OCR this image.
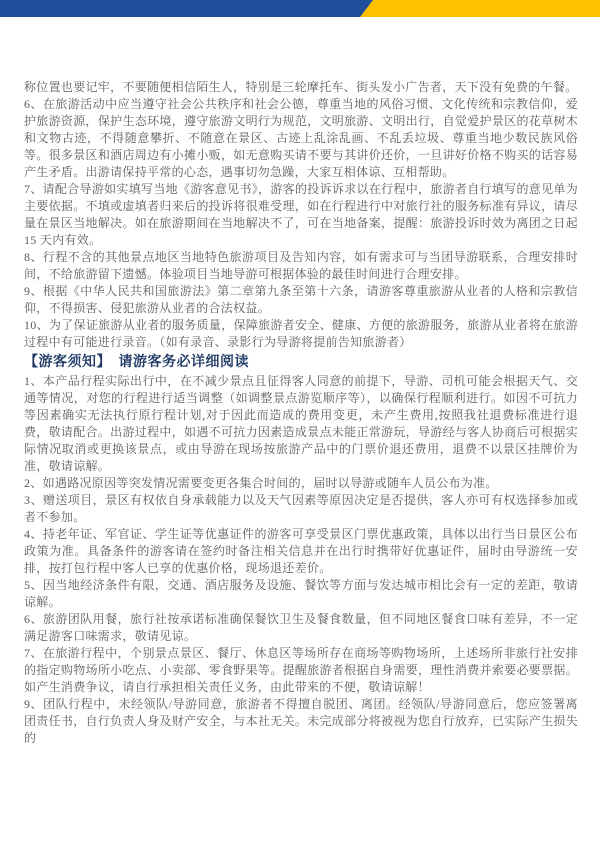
称位置也要记牢，不要随便相信陌生人，特别是三轮摩托车、街头发小广告者，天下没有免费的午餐。

6、在旅游活动中应当遵守社会公共秩序和社会公德，尊重当地的风俗习惯、文化传统和宗教信仰，爱护旅游资源，保护生态环境，遵守旅游文明行为规范，文明旅游、文明出行，自觉爱护景区的花草树木和文物古迹，不得随意攀折、不随意在景区、古迹上乱涂乱画、不乱丢垃圾、尊重当地少数民族风俗等。很多景区和酒店周边有小摊小贩，如无意购买请不要与其讲价还价，一旦讲好价格不购买的话容易产生矛盾。出游请保持平常的心态，遇事切勿急躁，大家互相体谅、互相帮助。

7、请配合导游如实填写当地《游客意见书》，游客的投诉诉求以在行程中，旅游者自行填写的意见单为主要依据。不填或虚填者归来后的投诉将很难受理，如在行程进行中对旅行社的服务标准有异议，请尽量在景区当地解决。如在旅游期间在当地解决不了，可在当地备案，提醒：旅游投诉时效为离团之日起 15 天内有效。

8、行程不含的其他景点地区当地特色旅游项目及告知内容，如有需求可与当团导游联系，合理安排时间，不给旅游留下遗憾。体验项目当地导游可根据体验的最佳时间进行合理安排。

9、根据《中华人民共和国旅游法》第二章第九条至第十六条，请游客尊重旅游从业者的人格和宗教信仰，不得损害、侵犯旅游从业者的合法权益。

10、为了保证旅游从业者的服务质量，保障旅游者安全、健康、方便的旅游服务，旅游从业者将在旅游过程中有可能进行录音。（如有录音、录影行为导游将提前告知旅游者）

【游客须知】　请游客务必详细阅读

1、本产品行程实际出行中，在不减少景点且征得客人同意的前提下，导游、司机可能会根据天气、交通等情况，对您的行程进行适当调整（如调整景点游览顺序等），以确保行程顺利进行。如因不可抗力等因素确实无法执行原行程计划,对于因此而造成的费用变更，未产生费用,按照我社退费标准进行退费，敬请配合。出游过程中，如遇不可抗力因素造成景点未能正常游玩，导游经与客人协商后可根据实际情况取消或更换该景点，或由导游在现场按旅游产品中的门票价退还费用，退费不以景区挂牌价为准，敬请谅解。

2、如遇路况原因等突发情况需要变更各集合时间的，届时以导游或随车人员公布为准。

3、赠送项目，景区有权依自身承载能力以及天气因素等原因决定是否提供，客人亦可有权选择参加或者不参加。

4、持老年证、军官证、学生证等优惠证件的游客可享受景区门票优惠政策，具体以出行当日景区公布政策为准。具备条件的游客请在签约时备注相关信息并在出行时携带好优惠证件，届时由导游统一安排，按打包行程中客人已享的优惠价格，现场退还差价。

5、因当地经济条件有限，交通、酒店服务及设施、餐饮等方面与发达城市相比会有一定的差距，敬请谅解。

6、旅游团队用餐，旅行社按承诺标准确保餐饮卫生及餐食数量，但不同地区餐食口味有差异，不一定满足游客口味需求，敬请见谅。

7、在旅游行程中，个别景点景区、餐厅、休息区等场所存在商场等购物场所，上述场所非旅行社安排的指定购物场所小吃点、小卖部、零食野果等。提醒旅游者根据自身需要，理性消费并索要必要票据。如产生消费争议，请自行承担相关责任义务，由此带来的不便，敬请谅解！

9、团队行程中，未经领队/导游同意，旅游者不得擅自脱团、离团。经领队/导游同意后，您应签署离团责任书，自行负责人身及财产安全，与本社无关。未完成部分将被视为您自行放弃，已实际产生损失的
